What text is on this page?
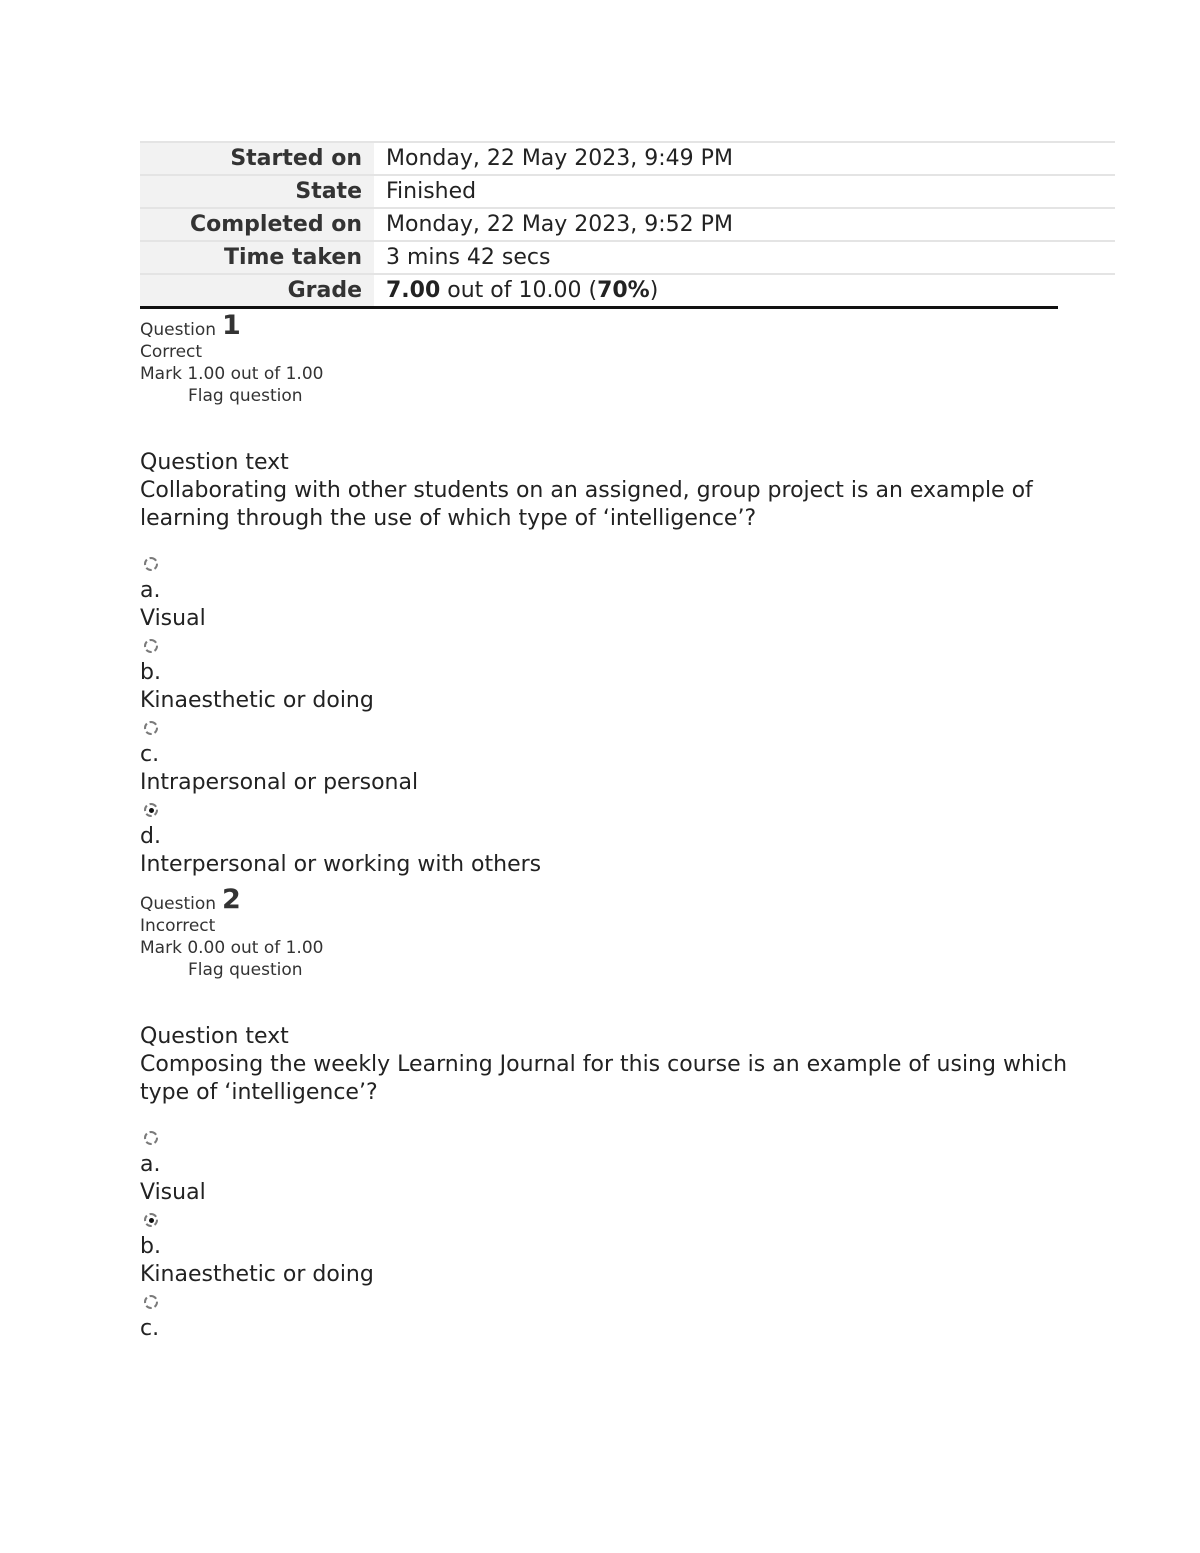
Started on	Monday, 22 May 2023, 9:49 PM
State	Finished
Completed on	Monday, 22 May 2023, 9:52 PM
Time taken	3 mins 42 secs
Grade	7.00 out of 10.00 (70%)
Question 1
Correct
Mark 1.00 out of 1.00
Flag question
Question text
Collaborating with other students on an assigned, group project is an example of learning through the use of which type of ‘intelligence’?
a.
Visual
b.
Kinaesthetic or doing
c.
Intrapersonal or personal
d.
Interpersonal or working with others
Question 2
Incorrect
Mark 0.00 out of 1.00
Flag question
Question text
Composing the weekly Learning Journal for this course is an example of using which type of ‘intelligence’?
a.
Visual
b.
Kinaesthetic or doing
c.
